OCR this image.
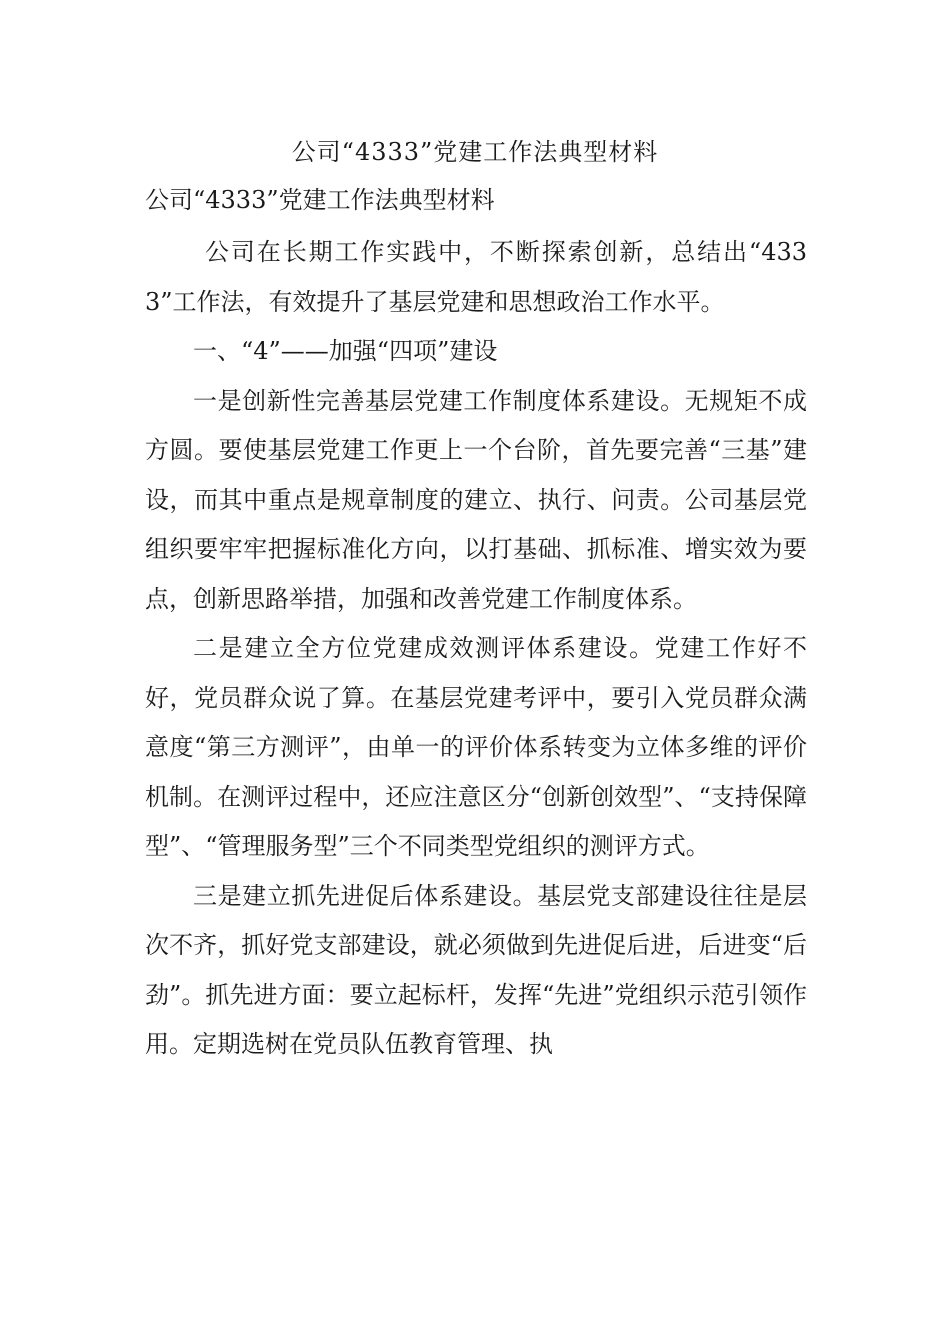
公司“4333”党建工作法典型材料
公司“4333”党建工作法典型材料

公司在长期工作实践中，不断探索创新，总结出“4333”工作法，有效提升了基层党建和思想政治工作水平。

一、“4”——加强“四项”建设

一是创新性完善基层党建工作制度体系建设。无规矩不成方圆。要使基层党建工作更上一个台阶，首先要完善“三基”建设，而其中重点是规章制度的建立、执行、问责。公司基层党组织要牢牢把握标准化方向，以打基础、抓标准、增实效为要点，创新思路举措，加强和改善党建工作制度体系。

二是建立全方位党建成效测评体系建设。党建工作好不好，党员群众说了算。在基层党建考评中，要引入党员群众满意度“第三方测评”，由单一的评价体系转变为立体多维的评价机制。在测评过程中，还应注意区分“创新创效型”、“支持保障型”、“管理服务型”三个不同类型党组织的测评方式。

三是建立抓先进促后体系建设。基层党支部建设往往是层次不齐，抓好党支部建设，就必须做到先进促后进，后进变“后劲”。抓先进方面：要立起标杆，发挥“先进”党组织示范引领作用。定期选树在党员队伍教育管理、执
